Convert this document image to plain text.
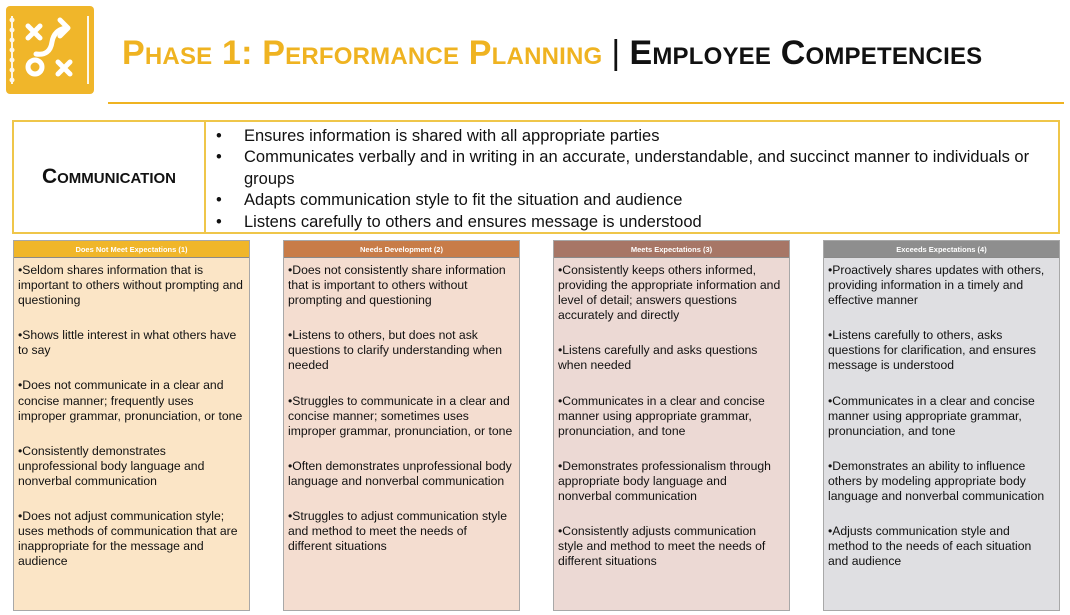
Phase 1: Performance Planning | Employee Competencies
Communication
• Ensures information is shared with all appropriate parties
• Communicates verbally and in writing in an accurate, understandable, and succinct manner to individuals or groups
• Adapts communication style to fit the situation and audience
• Listens carefully to others and ensures message is understood
Does Not Meet Expectations (1)
•Seldom shares information that is important to others without prompting and questioning
•Shows little interest in what others have to say
•Does not communicate in a clear and concise manner; frequently uses improper grammar, pronunciation, or tone
•Consistently demonstrates unprofessional body language and nonverbal communication
•Does not adjust communication style; uses methods of communication that are inappropriate for the message and audience
Needs Development (2)
•Does not consistently share information that is important to others without prompting and questioning
•Listens to others, but does not ask questions to clarify understanding when needed
•Struggles to communicate in a clear and concise manner; sometimes uses improper grammar, pronunciation, or tone
•Often demonstrates unprofessional body language and nonverbal communication
•Struggles to adjust communication style and method to meet the needs of different situations
Meets Expectations (3)
•Consistently keeps others informed, providing the appropriate information and level of detail; answers questions accurately and directly
•Listens carefully and asks questions when needed
•Communicates in a clear and concise manner using appropriate grammar, pronunciation, and tone
•Demonstrates professionalism through appropriate body language and nonverbal communication
•Consistently adjusts communication style and method to meet the needs of different situations
Exceeds Expectations (4)
•Proactively shares updates with others, providing information in a timely and effective manner
•Listens carefully to others, asks questions for clarification, and ensures message is understood
•Communicates in a clear and concise manner using appropriate grammar, pronunciation, and tone
•Demonstrates an ability to influence others by modeling appropriate body language and nonverbal communication
•Adjusts communication style and method to the needs of each situation and audience
